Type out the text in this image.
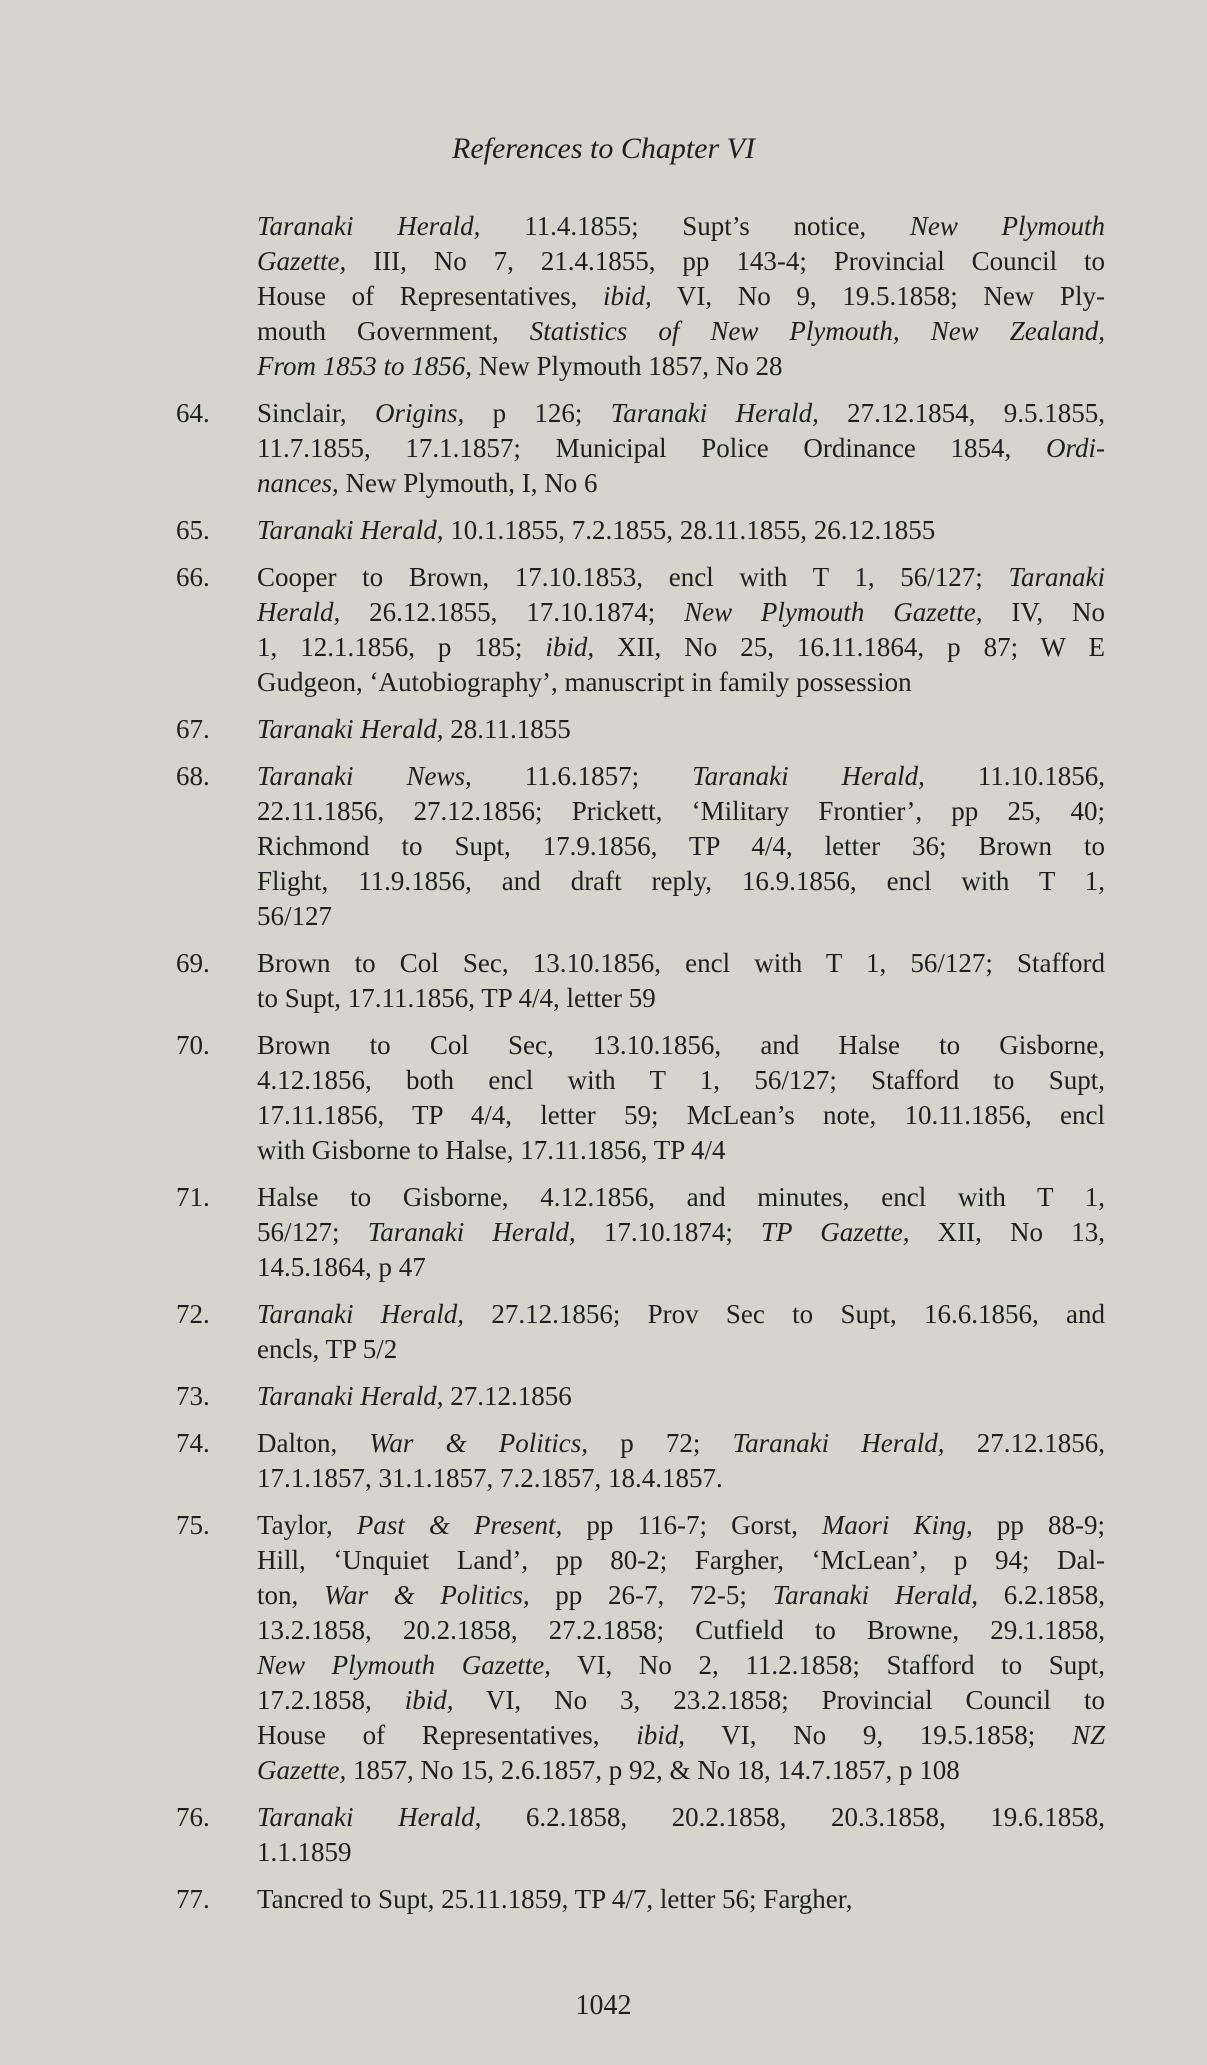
References to Chapter VI
Taranaki Herald, 11.4.1855; Supt’s notice, New Plymouth
Gazette, III, No 7, 21.4.1855, pp 143-4; Provincial Council to
House of Representatives, ibid, VI, No 9, 19.5.1858; New Ply-
mouth Government, Statistics of New Plymouth, New Zealand,
From 1853 to 1856, New Plymouth 1857, No 28
64. Sinclair, Origins, p 126; Taranaki Herald, 27.12.1854, 9.5.1855,
11.7.1855, 17.1.1857; Municipal Police Ordinance 1854, Ordi-
nances, New Plymouth, I, No 6
65. Taranaki Herald, 10.1.1855, 7.2.1855, 28.11.1855, 26.12.1855
66. Cooper to Brown, 17.10.1853, encl with T 1, 56/127; Taranaki
Herald, 26.12.1855, 17.10.1874; New Plymouth Gazette, IV, No
1, 12.1.1856, p 185; ibid, XII, No 25, 16.11.1864, p 87; W E
Gudgeon, ‘Autobiography’, manuscript in family possession
67. Taranaki Herald, 28.11.1855
68. Taranaki News, 11.6.1857; Taranaki Herald, 11.10.1856,
22.11.1856, 27.12.1856; Prickett, ‘Military Frontier’, pp 25, 40;
Richmond to Supt, 17.9.1856, TP 4/4, letter 36; Brown to
Flight, 11.9.1856, and draft reply, 16.9.1856, encl with T 1,
56/127
69. Brown to Col Sec, 13.10.1856, encl with T 1, 56/127; Stafford
to Supt, 17.11.1856, TP 4/4, letter 59
70. Brown to Col Sec, 13.10.1856, and Halse to Gisborne,
4.12.1856, both encl with T 1, 56/127; Stafford to Supt,
17.11.1856, TP 4/4, letter 59; McLean’s note, 10.11.1856, encl
with Gisborne to Halse, 17.11.1856, TP 4/4
71. Halse to Gisborne, 4.12.1856, and minutes, encl with T 1,
56/127; Taranaki Herald, 17.10.1874; TP Gazette, XII, No 13,
14.5.1864, p 47
72. Taranaki Herald, 27.12.1856; Prov Sec to Supt, 16.6.1856, and
encls, TP 5/2
73. Taranaki Herald, 27.12.1856
74. Dalton, War & Politics, p 72; Taranaki Herald, 27.12.1856,
17.1.1857, 31.1.1857, 7.2.1857, 18.4.1857.
75. Taylor, Past & Present, pp 116-7; Gorst, Maori King, pp 88-9;
Hill, ‘Unquiet Land’, pp 80-2; Fargher, ‘McLean’, p 94; Dal-
ton, War & Politics, pp 26-7, 72-5; Taranaki Herald, 6.2.1858,
13.2.1858, 20.2.1858, 27.2.1858; Cutfield to Browne, 29.1.1858,
New Plymouth Gazette, VI, No 2, 11.2.1858; Stafford to Supt,
17.2.1858, ibid, VI, No 3, 23.2.1858; Provincial Council to
House of Representatives, ibid, VI, No 9, 19.5.1858; NZ
Gazette, 1857, No 15, 2.6.1857, p 92, & No 18, 14.7.1857, p 108
76. Taranaki Herald, 6.2.1858, 20.2.1858, 20.3.1858, 19.6.1858,
1.1.1859
77. Tancred to Supt, 25.11.1859, TP 4/7, letter 56; Fargher,
1042
